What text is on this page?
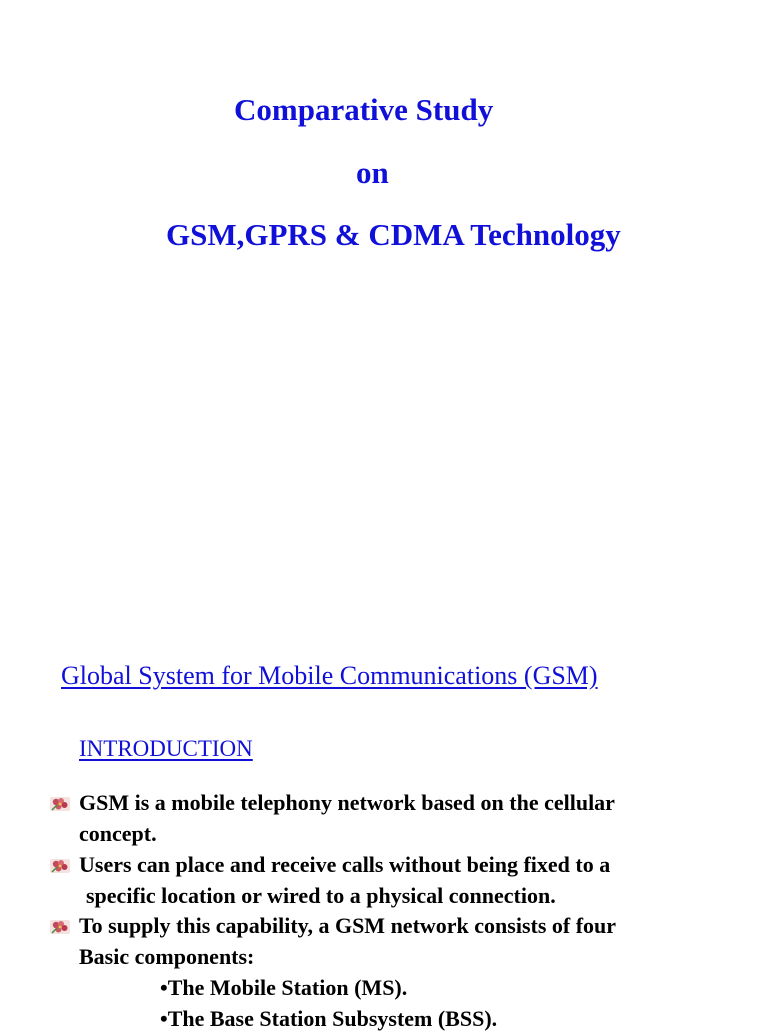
Comparative Study
on
GSM,GPRS & CDMA Technology
Global System for Mobile Communications (GSM)
INTRODUCTION
GSM is a mobile telephony network based on the cellular
concept.
Users can place and receive calls without being fixed to a
specific location or wired to a physical connection.
To supply this capability, a GSM network consists of four
Basic components:
•The Mobile Station (MS).
•The Base Station Subsystem (BSS).
